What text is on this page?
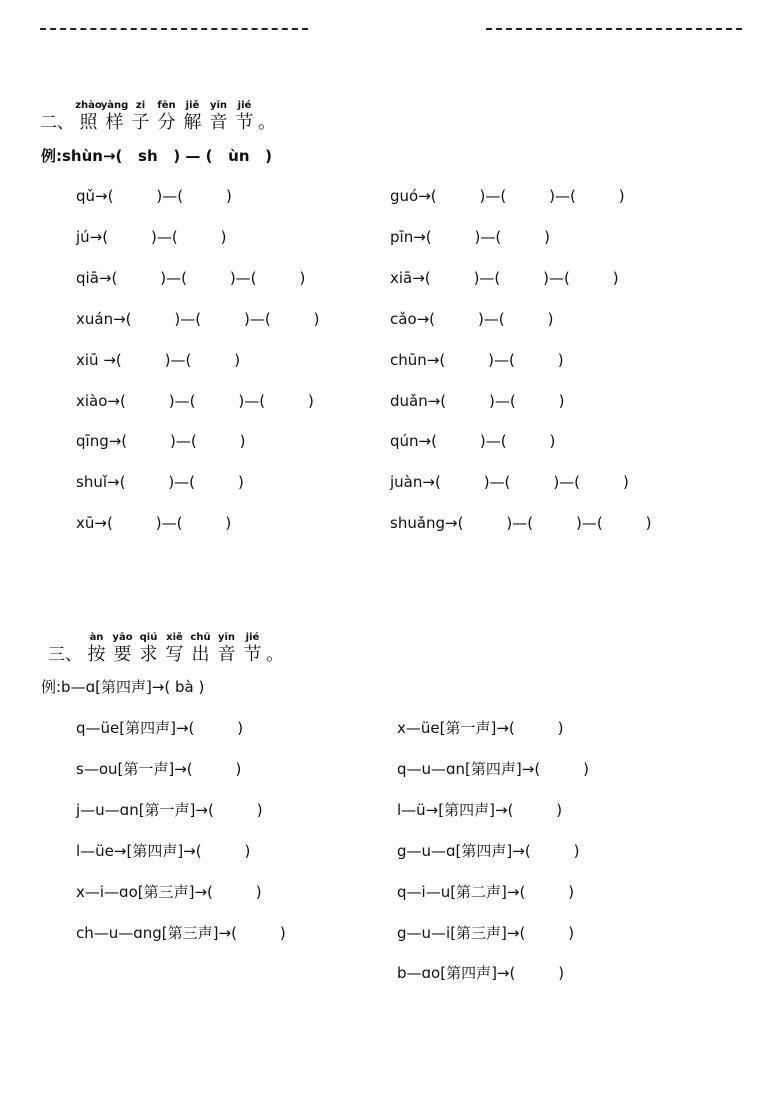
二、
zhào
照
yàng
样
zi
子
fēn
分
jiě
解
yīn
音
jié
节 。
例:shùn→(   sh   ) — (   ùn   )
qǔ→(         )—(         )	guó→(         )—(         )—(         )
jú→(         )—(         )	pīn→(         )—(         )
qiā→(         )—(         )—(         )	xiā→(         )—(         )—(         )
xuán→(         )—(         )—(         )	cǎo→(         )—(         )
xiū →(         )—(         )	chūn→(         )—(         )
xiào→(         )—(         )—(         )	duǎn→(         )—(         )
qīng→(         )—(         )	qún→(         )—(         )
shuǐ→(         )—(         )	juàn→(         )—(         )—(         )
xū→(         )—(         )	shuǎng→(         )—(         )—(         )
三、
àn
按
yāo
要
qiú
求
xiě
写
chū
出
yīn
音
jié
节 。
例:b—ɑ[第四声]→( bà )
q—üe[第四声]→(         )	x—üe[第一声]→(         )
s—ou[第一声]→(         )	q—u—ɑn[第四声]→(         )
j—u—ɑn[第一声]→(         )	l—ü→[第四声]→(         )
l—üe→[第四声]→(         )	g—u—ɑ[第四声]→(         )
x—i—ɑo[第三声]→(         )	q—i—u[第二声]→(         )
ch—u—ɑng[第三声]→(         )	g—u—i[第三声]→(         )
b—ɑo[第四声]→(         )
